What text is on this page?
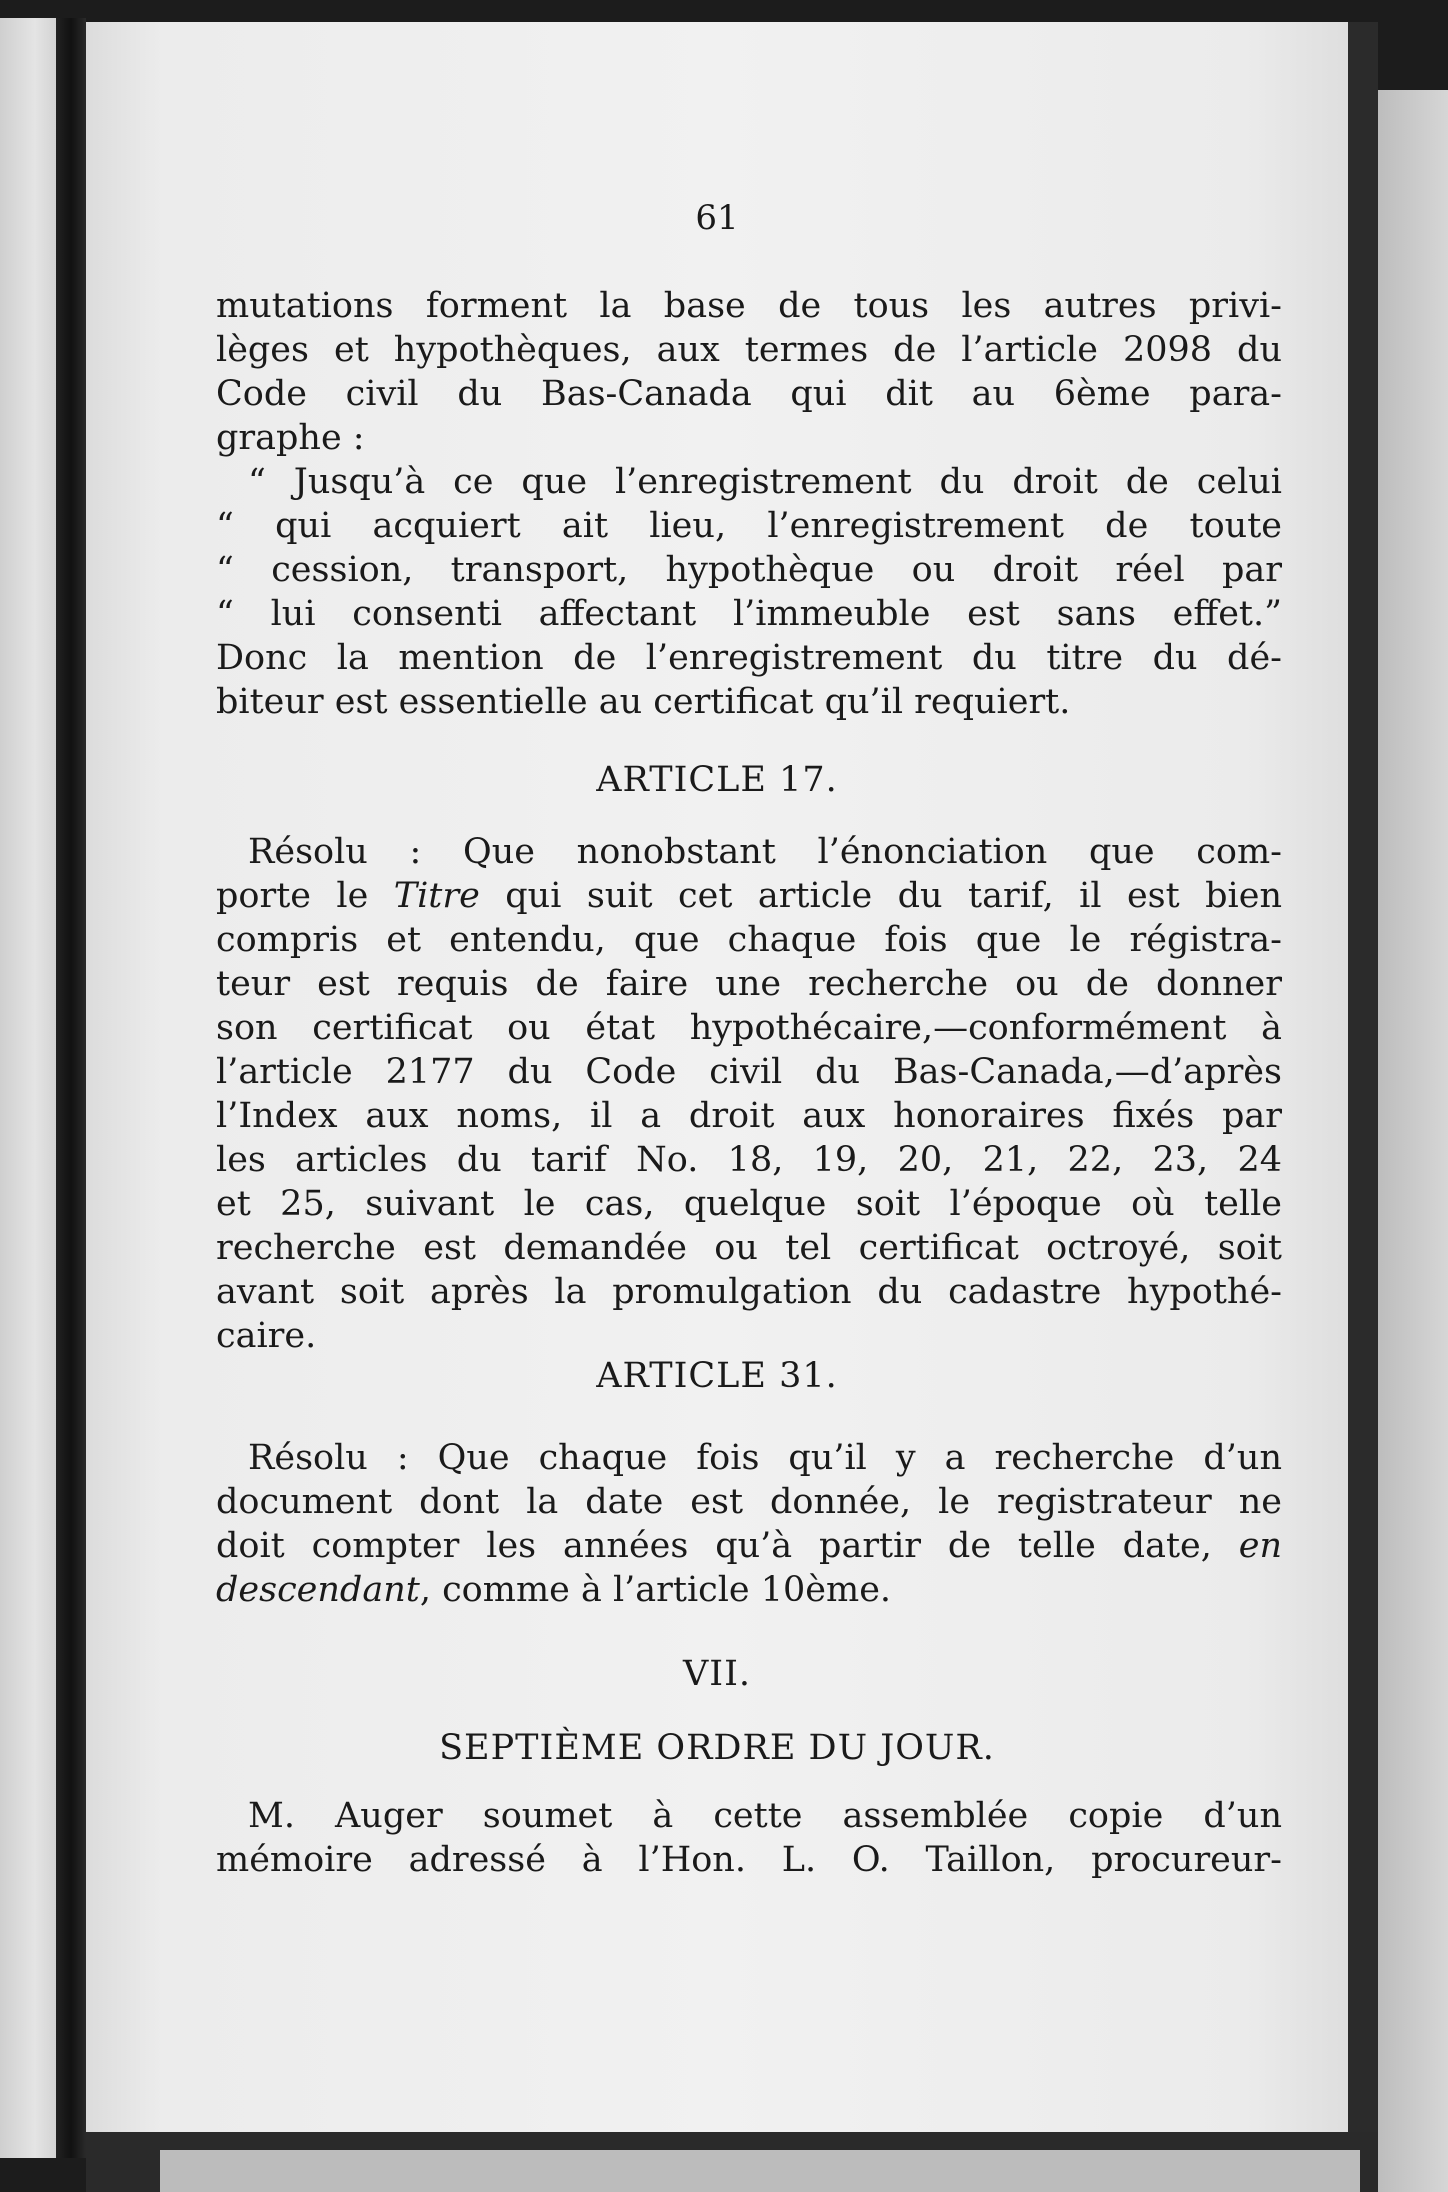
61
mutations forment la base de tous les autres privi-
lèges et hypothèques, aux termes de l’article 2098 du
Code civil du Bas-Canada qui dit au 6ème para-
graphe :
“ Jusqu’à ce que l’enregistrement du droit de celui
“ qui acquiert ait lieu, l’enregistrement de toute
“ cession, transport, hypothèque ou droit réel par
“ lui consenti affectant l’immeuble est sans effet.”
Donc la mention de l’enregistrement du titre du dé-
biteur est essentielle au certificat qu’il requiert.
ARTICLE 17.
Résolu : Que nonobstant l’énonciation que com-
porte le Titre qui suit cet article du tarif, il est bien
compris et entendu, que chaque fois que le régistra-
teur est requis de faire une recherche ou de donner
son certificat ou état hypothécaire,—conformément à
l’article 2177 du Code civil du Bas-Canada,—d’après
l’Index aux noms, il a droit aux honoraires fixés par
les articles du tarif No. 18, 19, 20, 21, 22, 23, 24
et 25, suivant le cas, quelque soit l’époque où telle
recherche est demandée ou tel certificat octroyé, soit
avant soit après la promulgation du cadastre hypothé-
caire.
ARTICLE 31.
Résolu : Que chaque fois qu’il y a recherche d’un
document dont la date est donnée, le registrateur ne
doit compter les années qu’à partir de telle date, en
descendant, comme à l’article 10ème.
VII.
SEPTIÈME ORDRE DU JOUR.
M. Auger soumet à cette assemblée copie d’un
mémoire adressé à l’Hon. L. O. Taillon, procureur-
